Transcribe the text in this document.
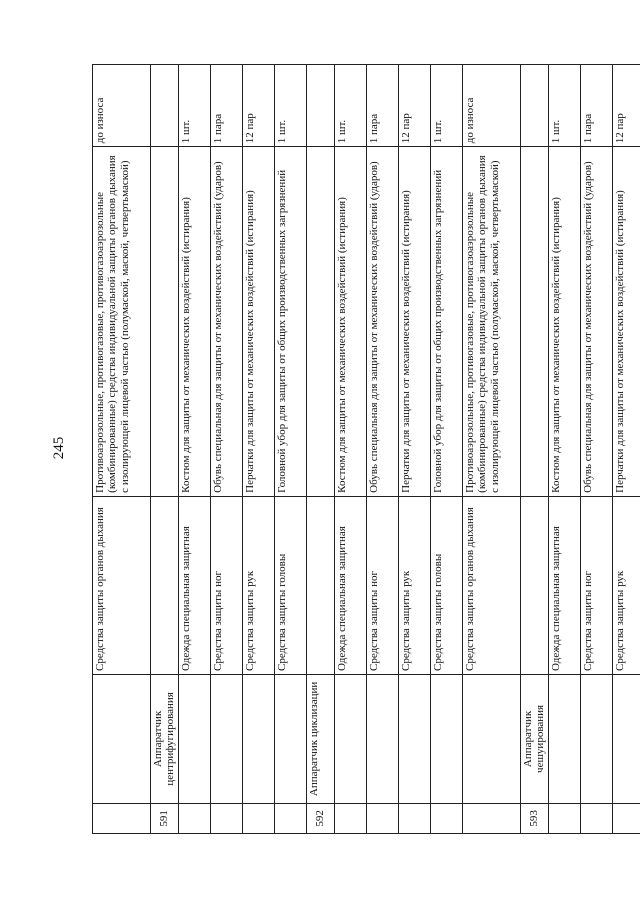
245
		Средства защиты органов дыхания	Противоаэрозольные, противогазовые, противогазоаэрозольные (комбинированные) средства индивидуальной защиты органов дыхания с изолирующей лицевой частью (полумаской, маской, четвертьмаской)	до износа
591	Аппаратчик центрифугирования			
		Одежда специальная защитная	Костюм для защиты от механических воздействий (истирания)	1 шт.
		Средства защиты ног	Обувь специальная для защиты от механических воздействий (ударов)	1 пара
		Средства защиты рук	Перчатки для защиты от механических воздействий (истирания)	12 пар
		Средства защиты головы	Головной убор для защиты от общих производственных загрязнений	1 шт.
592	Аппаратчик циклизации			
		Одежда специальная защитная	Костюм для защиты от механических воздействий (истирания)	1 шт.
		Средства защиты ног	Обувь специальная для защиты от механических воздействий (ударов)	1 пара
		Средства защиты рук	Перчатки для защиты от механических воздействий (истирания)	12 пар
		Средства защиты головы	Головной убор для защиты от общих производственных загрязнений	1 шт.
		Средства защиты органов дыхания	Противоаэрозольные, противогазовые, противогазоаэрозольные (комбинированные) средства индивидуальной защиты органов дыхания с изолирующей лицевой частью (полумаской, маской, четвертьмаской)	до износа
593	Аппаратчик чешуирования			
		Одежда специальная защитная	Костюм для защиты от механических воздействий (истирания)	1 шт.
		Средства защиты ног	Обувь специальная для защиты от механических воздействий (ударов)	1 пара
		Средства защиты рук	Перчатки для защиты от механических воздействий (истирания)	12 пар
